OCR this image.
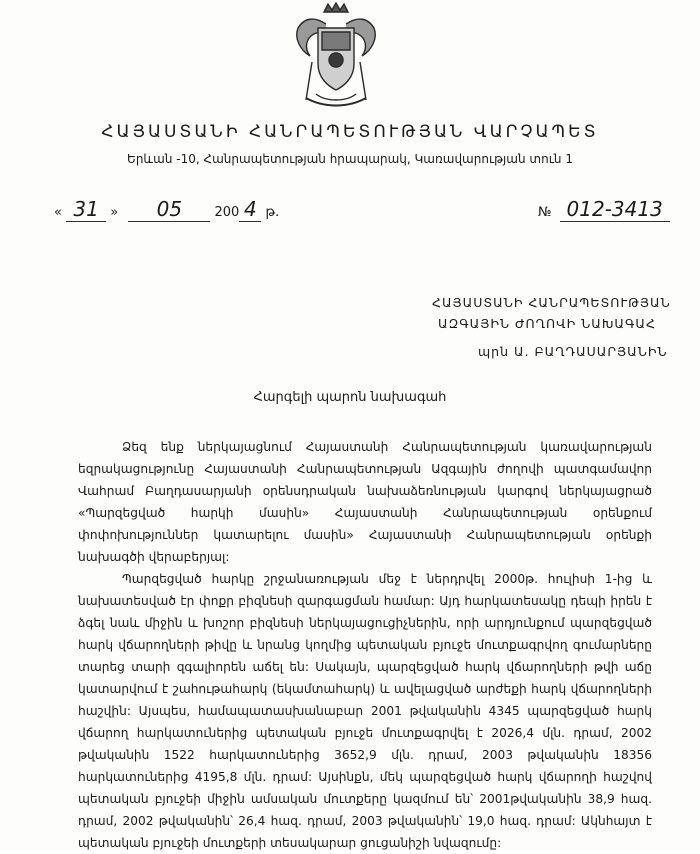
ՀԱՅԱՍՏԱՆԻ ՀԱՆՐԱՊԵՏՈՒԹՅԱՆ ՎԱՐՉԱՊԵՏ
Երևան -10, Հանրապետության հրապարակ, Կառավարության տուն 1
« 31 » 05 200 4 թ.	№ 012-3413
ՀԱՅԱՍՏԱՆԻ ՀԱՆՐԱՊԵՏՈՒԹՅԱՆ
ԱԶԳԱՅԻՆ ԺՈՂՈՎԻ ՆԱԽԱԳԱՀ
պրն Ա. ԲԱՂԴԱՍԱՐՅԱՆԻՆ
Հարգելի պարոն նախագահ

Ձեզ ենք ներկայացնում Հայաստանի Հանրապետության կառավարության եզրակացությունը Հայաստանի Հանրապետության Ազգային ժողովի պատգամավոր Վահրամ Բաղդասարյանի օրենսդրական նախաձեռնության կարգով ներկայացրած «Պարզեցված հարկի մասին» Հայաստանի Հանրապետության օրենքում փոփոխություններ կատարելու մասին» Հայաստանի Հանրապետության օրենքի նախագծի վերաբերյալ:

Պարզեցված հարկը շրջանառության մեջ է ներդրվել 2000թ. հուլիսի 1-ից և նախատեսված էր փոքր բիզնեսի զարգացման համար: Այդ հարկատեսակը դեպի իրեն է ձգել նաև միջին և խոշոր բիզնեսի ներկայացուցիչներին, որի արդյունքում պարզեցված հարկ վճարողների թիվը և նրանց կողմից պետական բյուջե մուտքագրվող գումարները տարեց տարի զգալիորեն աճել են: Սակայն, պարզեցված հարկ վճարողների թվի աճը կատարվում է շահութահարկ (եկամտահարկ) և ավելացված արժեքի հարկ վճարողների հաշվին: Այսպես, համապատասխանաբար 2001 թվականին 4345 պարզեցված հարկ վճարող հարկատուներից պետական բյուջե մուտքագրվել է 2026,4 մլն. դրամ, 2002 թվականին 1522 հարկատուներից 3652,9 մլն. դրամ, 2003 թվականին 18356 հարկատուներից 4195,8 մլն. դրամ: Այսինքն, մեկ պարզեցված հարկ վճարողի հաշվով պետական բյուջեի միջին ամսական մուտքերը կազմում են՝ 2001թվականին 38,9 հազ. դրամ, 2002 թվականին՝ 26,4 հազ. դրամ, 2003 թվականին՝ 19,0 հազ. դրամ: Ակնհայտ է պետական բյուջեի մուտքերի տեսակարար ցուցանիշի նվազումը:
